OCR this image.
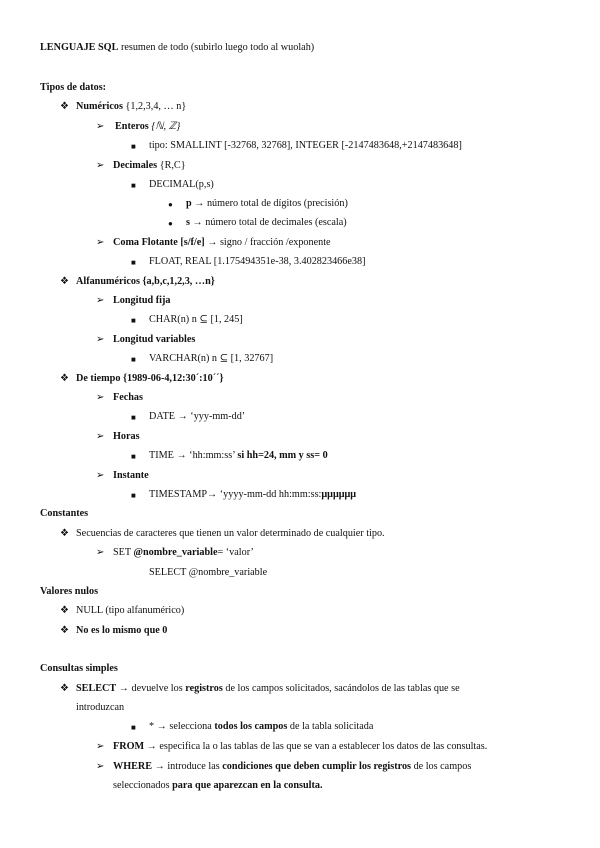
LENGUAJE SQL resumen de todo (subirlo luego todo al wuolah)
Tipos de datos:
❖ Numéricos {1,2,3,4, … n}
➢ Enteros {ℕ, ℤ}
■ tipo: SMALLINT [-32768, 32768], INTEGER [-2147483648,+2147483648]
➢ Decimales {R,C}
■ DECIMAL(p,s)
● p → número total de dígitos (precisión)
● s → número total de decimales (escala)
➢ Coma Flotante [s/f/e] → signo / fracción /exponente
■ FLOAT, REAL [1.175494351e-38, 3.402823466e38]
❖ Alfanuméricos {a,b,c,1,2,3, …n}
➢ Longitud fija
■ CHAR(n) n ⊆ [1, 245]
➢ Longitud variables
■ VARCHAR(n) n ⊆ [1, 32767]
❖ De tiempo {1989-06-4,12:30´:10´´}
➢ Fechas
■ DATE → ‘yyy-mm-dd’
➢ Horas
■ TIME → ‘hh:mm:ss’ si hh=24, mm y ss= 0
➢ Instante
■ TIMESTAMP→ ‘yyyy-mm-dd hh:mm:ss:μμμμμμ
Constantes
❖ Secuencias de caracteres que tienen un valor determinado de cualquier tipo.
➢ SET @nombre_variable= ‘valor’
SELECT @nombre_variable
Valores nulos
❖ NULL (tipo alfanumérico)
❖ No es lo mismo que 0
Consultas simples
❖ SELECT → devuelve los registros de los campos solicitados, sacándolos de las tablas que se
introduzcan
■ * → selecciona todos los campos de la tabla solicitada
➢ FROM → especifica la o las tablas de las que se van a establecer los datos de las consultas.
➢ WHERE → introduce las condiciones que deben cumplir los registros de los campos
seleccionados para que aparezcan en la consulta.
